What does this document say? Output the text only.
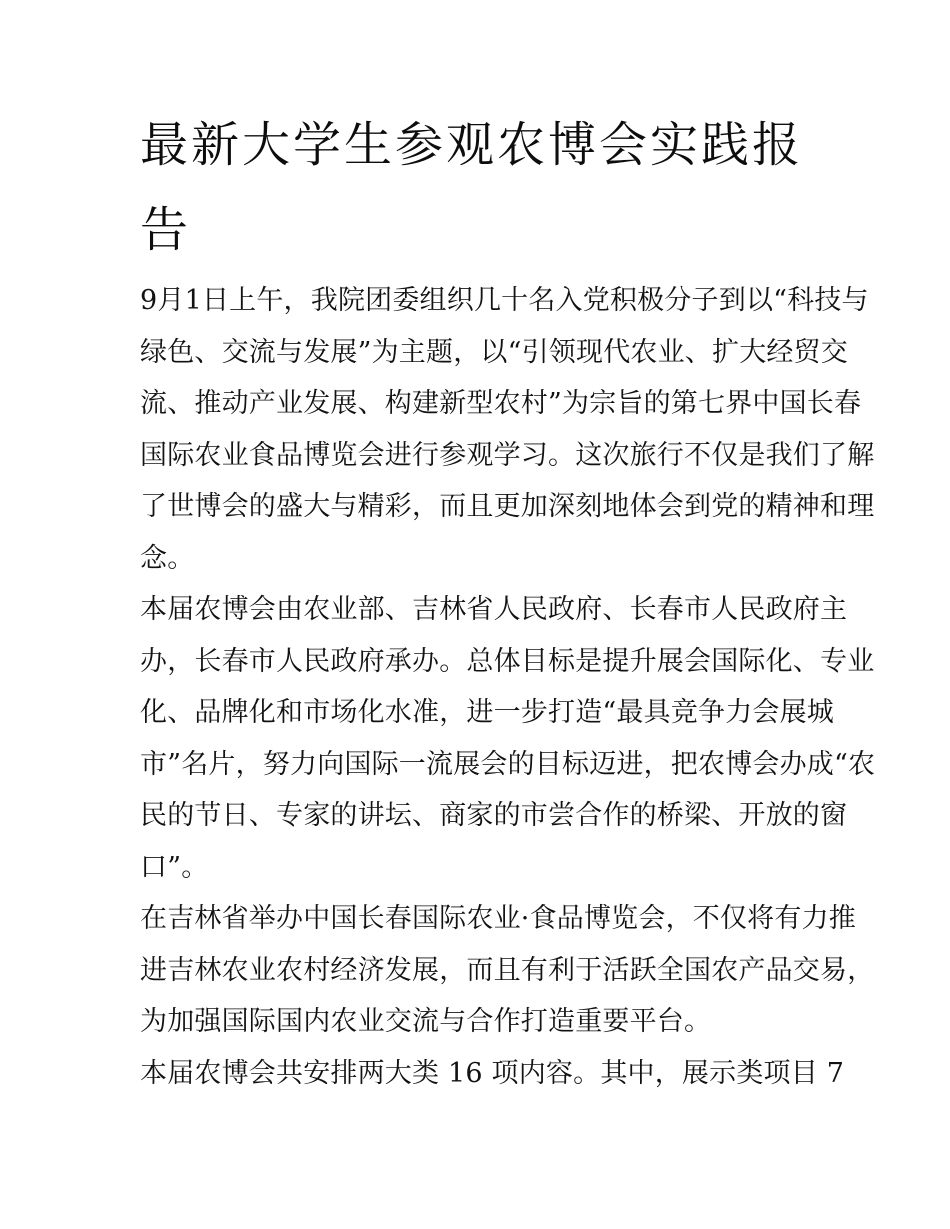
最新大学生参观农博会实践报
告
9月1日上午，我院团委组织几十名入党积极分子到以“科技与
绿色、交流与发展”为主题，以“引领现代农业、扩大经贸交
流、推动产业发展、构建新型农村”为宗旨的第七界中国长春
国际农业食品博览会进行参观学习。这次旅行不仅是我们了解
了世博会的盛大与精彩，而且更加深刻地体会到党的精神和理
念。
本届农博会由农业部、吉林省人民政府、长春市人民政府主
办，长春市人民政府承办。总体目标是提升展会国际化、专业
化、品牌化和市场化水准，进一步打造“最具竞争力会展城
市”名片，努力向国际一流展会的目标迈进，把农博会办成“农
民的节日、专家的讲坛、商家的市尝合作的桥梁、开放的窗
口”。
在吉林省举办中国长春国际农业·食品博览会，不仅将有力推
进吉林农业农村经济发展，而且有利于活跃全国农产品交易，
为加强国际国内农业交流与合作打造重要平台。
本届农博会共安排两大类 16 项内容。其中，展示类项目 7
